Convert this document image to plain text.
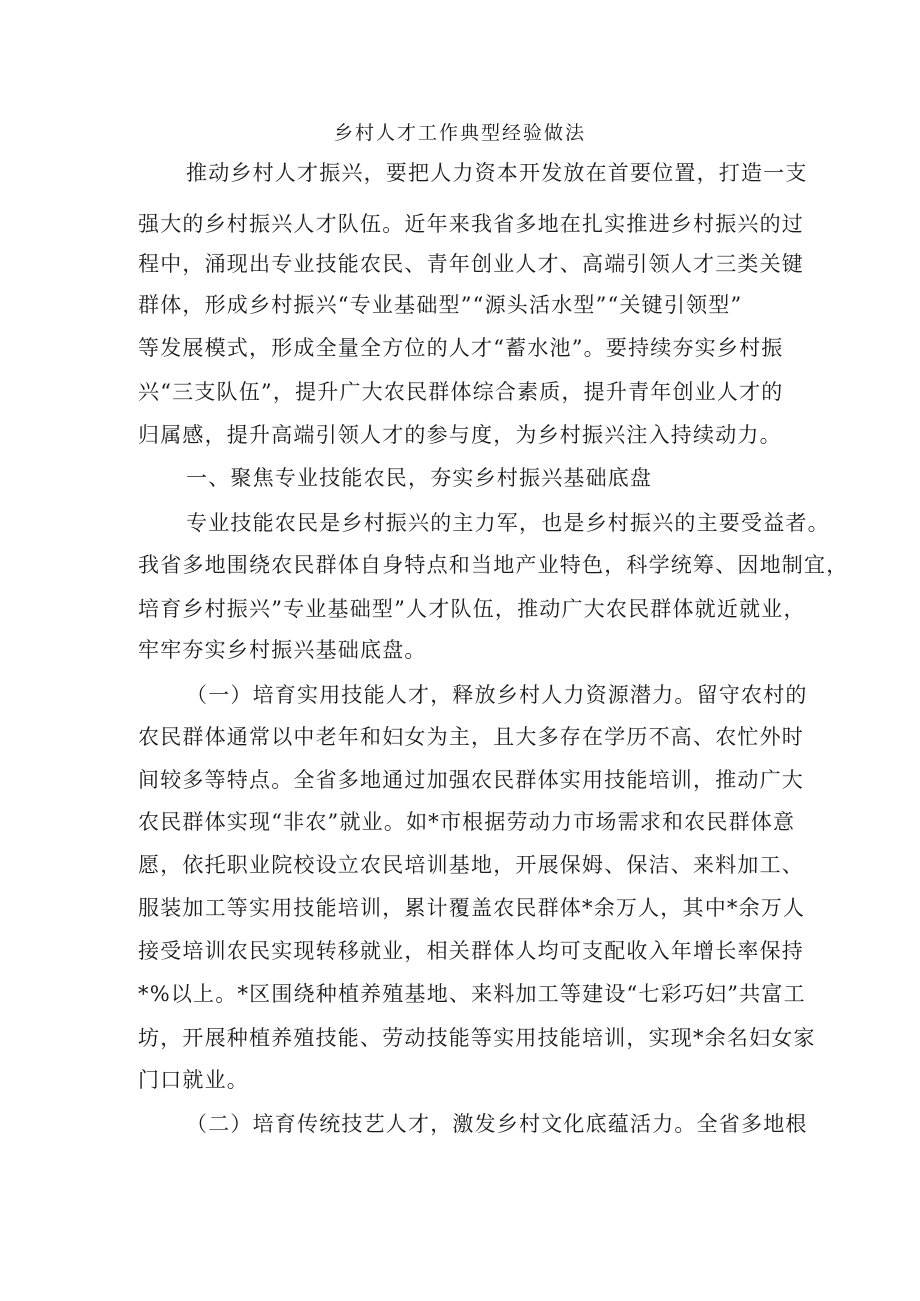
乡村人才工作典型经验做法
推动乡村人才振兴，要把人力资本开发放在首要位置，打造一支
强大的乡村振兴人才队伍。近年来我省多地在扎实推进乡村振兴的过
程中，涌现出专业技能农民、青年创业人才、高端引领人才三类关键
群体，形成乡村振兴“专业基础型”“源头活水型”“关键引领型”
等发展模式，形成全量全方位的人才“蓄水池”。要持续夯实乡村振
兴“三支队伍”，提升广大农民群体综合素质，提升青年创业人才的
归属感，提升高端引领人才的参与度，为乡村振兴注入持续动力。
一、聚焦专业技能农民，夯实乡村振兴基础底盘
专业技能农民是乡村振兴的主力军，也是乡村振兴的主要受益者。
我省多地围绕农民群体自身特点和当地产业特色，科学统筹、因地制宜，
培育乡村振兴”专业基础型”人才队伍，推动广大农民群体就近就业，
牢牢夯实乡村振兴基础底盘。
（一）培育实用技能人才，释放乡村人力资源潜力。留守农村的
农民群体通常以中老年和妇女为主，且大多存在学历不高、农忙外时
间较多等特点。全省多地通过加强农民群体实用技能培训，推动广大
农民群体实现“非农”就业。如*市根据劳动力市场需求和农民群体意
愿，依托职业院校设立农民培训基地，开展保姆、保洁、来料加工、
服装加工等实用技能培训，累计覆盖农民群体*余万人，其中*余万人
接受培训农民实现转移就业，相关群体人均可支配收入年增长率保持
*%以上。*区围绕种植养殖基地、来料加工等建设“七彩巧妇”共富工
坊，开展种植养殖技能、劳动技能等实用技能培训，实现*余名妇女家
门口就业。
（二）培育传统技艺人才，激发乡村文化底蕴活力。全省多地根
